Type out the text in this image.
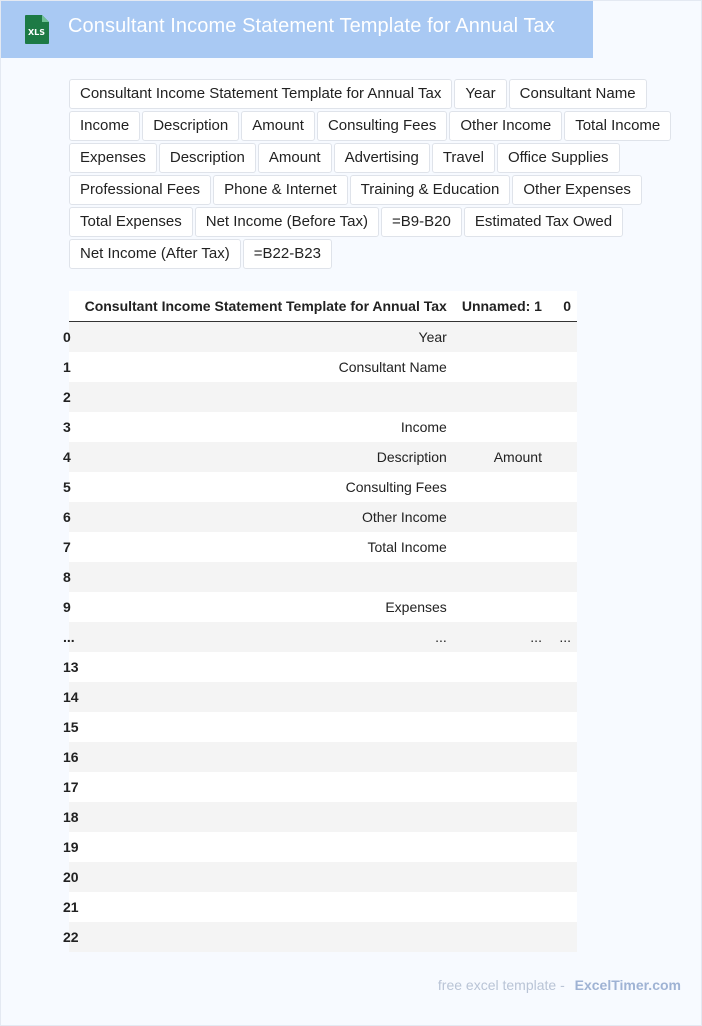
XLS Consultant Income Statement Template for Annual Tax
Consultant Income Statement Template for Annual Tax	Year	Consultant Name
Income	Description	Amount	Consulting Fees	Other Income	Total Income
Expenses	Description	Amount	Advertising	Travel	Office Supplies
Professional Fees	Phone & Internet	Training & Education	Other Expenses
Total Expenses	Net Income (Before Tax)	=B9-B20	Estimated Tax Owed
Net Income (After Tax)	=B22-B23
	Consultant Income Statement Template for Annual Tax	Unnamed: 1	0
0	Year		
1	Consultant Name		
2			
3	Income		
4	Description	Amount	
5	Consulting Fees		
6	Other Income		
7	Total Income		
8			
9	Expenses		
...	...	...	...
13			
14			
15			
16			
17			
18			
19			
20			
21			
22			
free excel template - ExcelTimer.com
